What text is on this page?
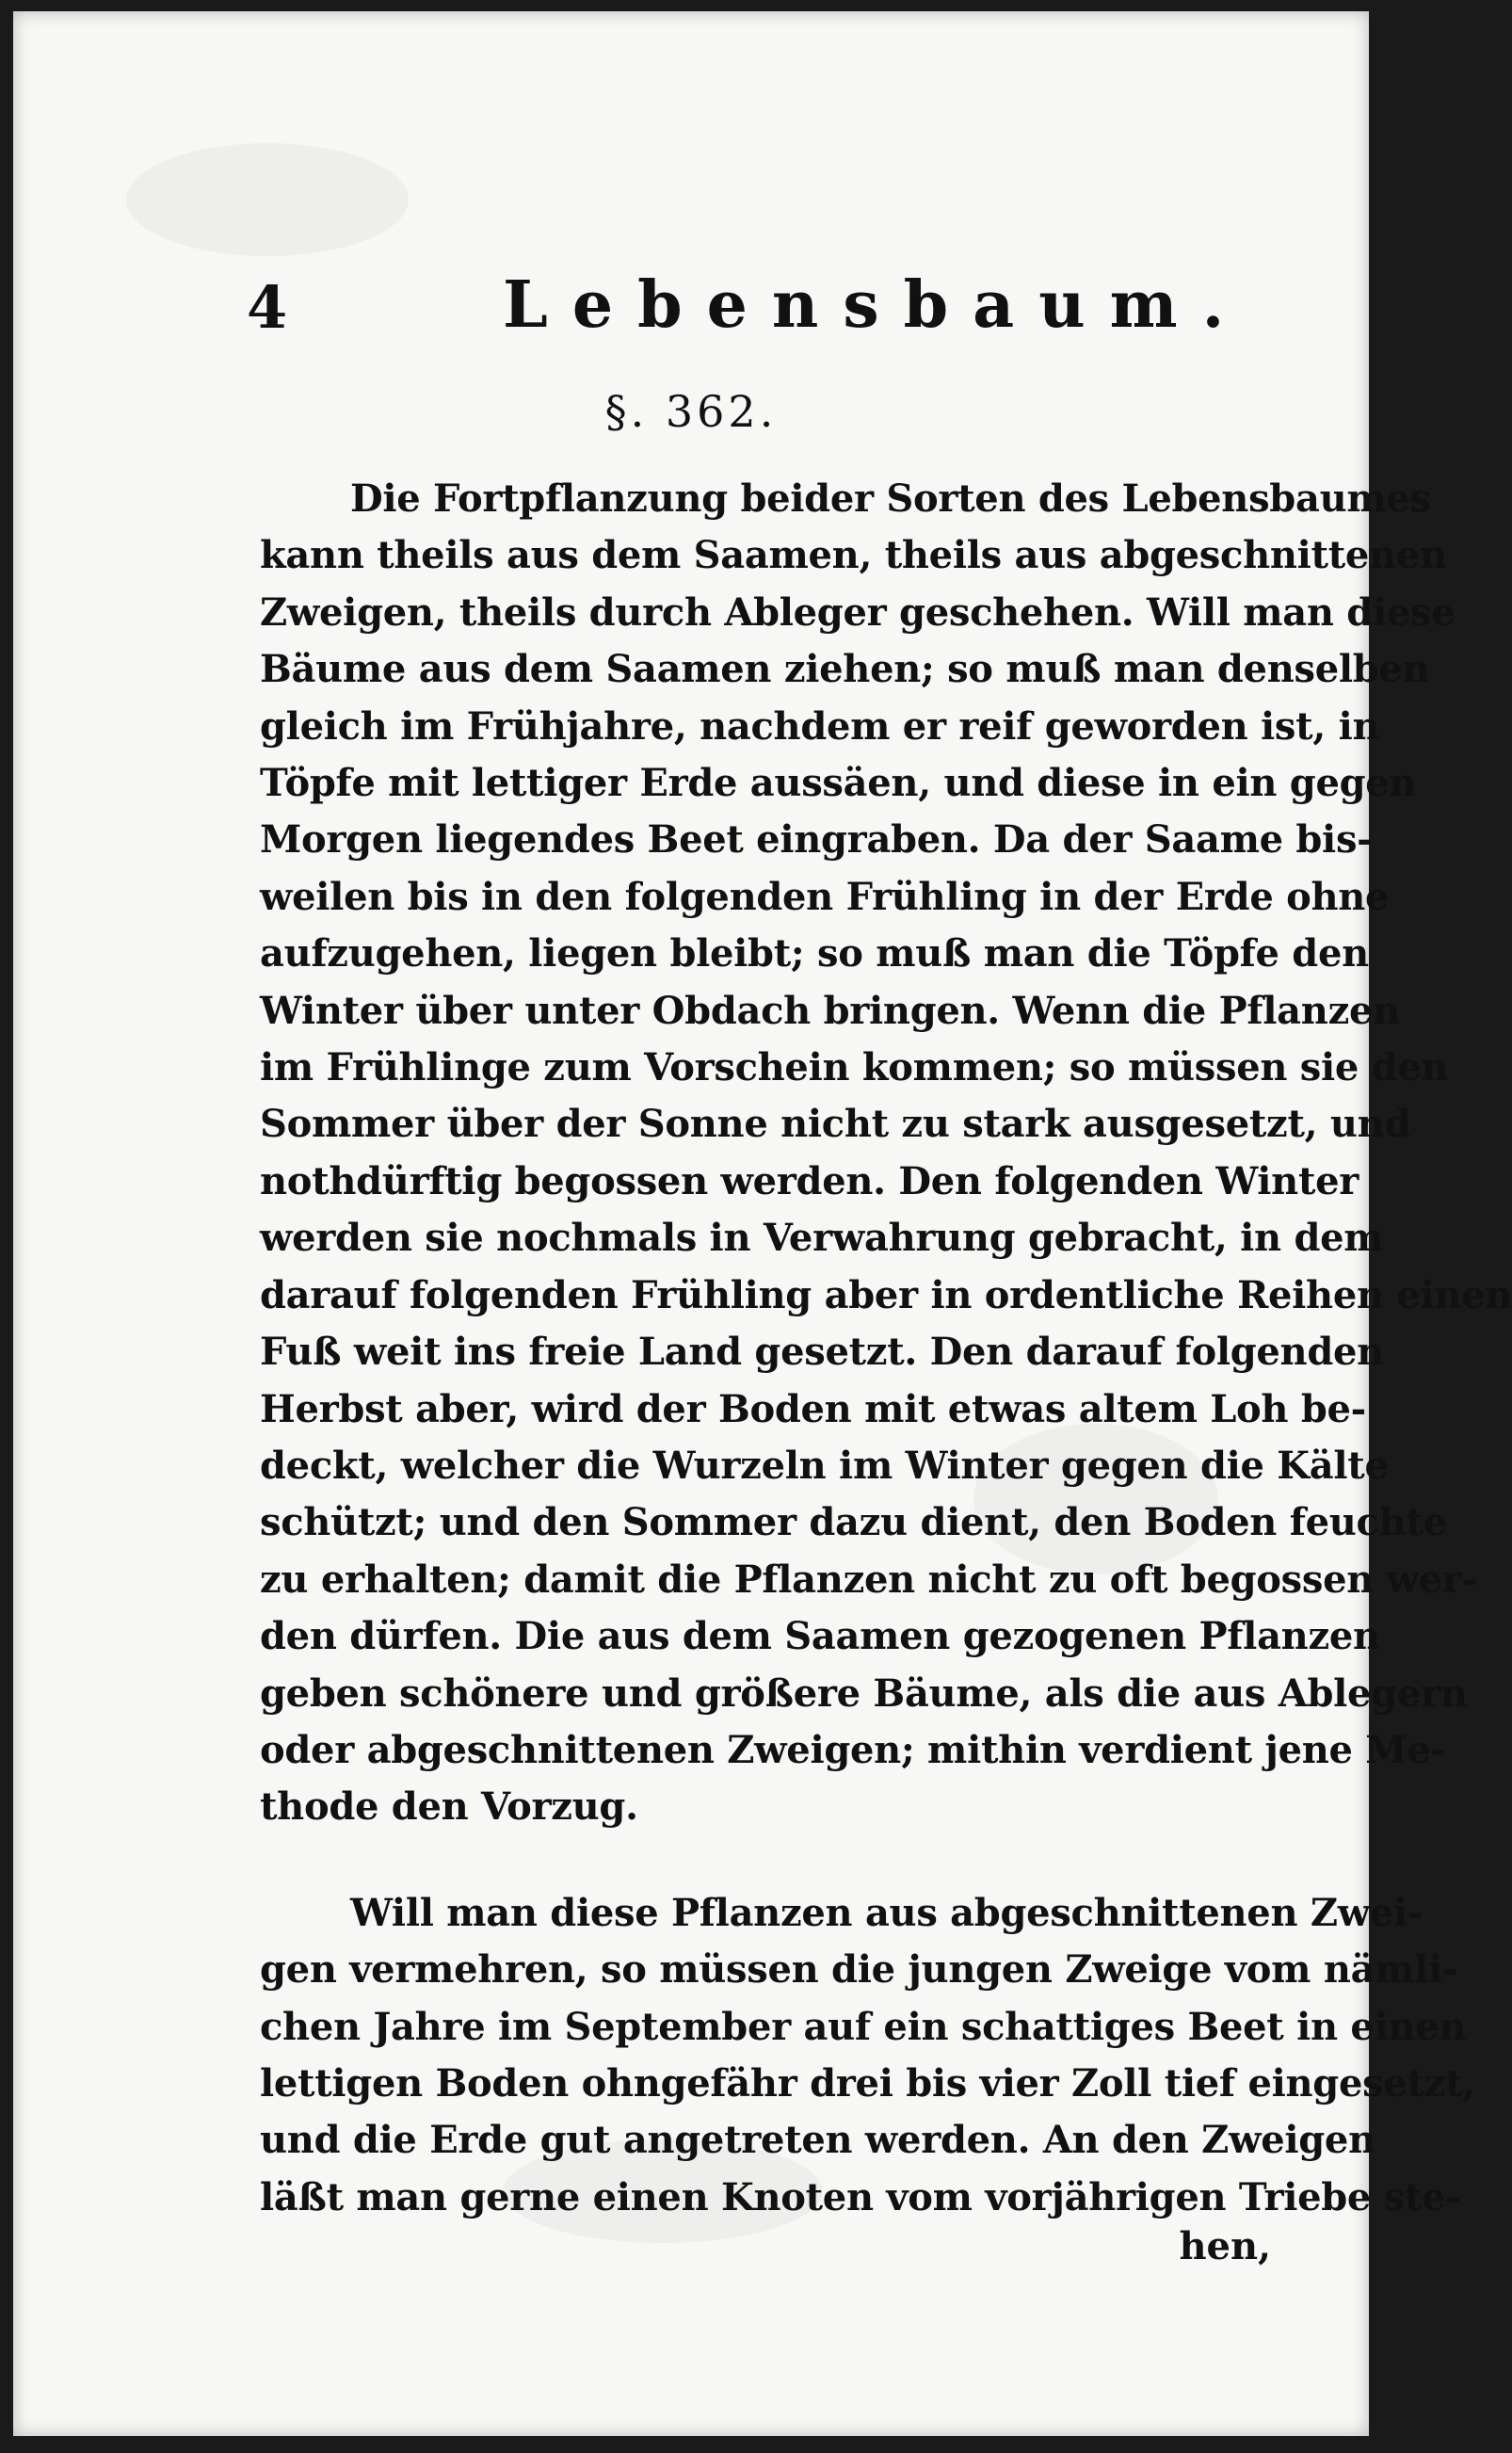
4	Lebensbaum.
§. 362.
Die Fortpflanzung beider Sorten des Lebensbaumes
kann theils aus dem Saamen, theils aus abgeschnittenen
Zweigen, theils durch Ableger geschehen. Will man diese
Bäume aus dem Saamen ziehen; so muß man denselben
gleich im Frühjahre, nachdem er reif geworden ist, in
Töpfe mit lettiger Erde aussäen, und diese in ein gegen
Morgen liegendes Beet eingraben. Da der Saame bis-
weilen bis in den folgenden Frühling in der Erde ohne
aufzugehen, liegen bleibt; so muß man die Töpfe den
Winter über unter Obdach bringen. Wenn die Pflanzen
im Frühlinge zum Vorschein kommen; so müssen sie den
Sommer über der Sonne nicht zu stark ausgesetzt, und
nothdürftig begossen werden. Den folgenden Winter
werden sie nochmals in Verwahrung gebracht, in dem
darauf folgenden Frühling aber in ordentliche Reihen einen
Fuß weit ins freie Land gesetzt. Den darauf folgenden
Herbst aber, wird der Boden mit etwas altem Loh be-
deckt, welcher die Wurzeln im Winter gegen die Kälte
schützt; und den Sommer dazu dient, den Boden feuchte
zu erhalten; damit die Pflanzen nicht zu oft begossen wer-
den dürfen. Die aus dem Saamen gezogenen Pflanzen
geben schönere und größere Bäume, als die aus Ablegern
oder abgeschnittenen Zweigen; mithin verdient jene Me-
thode den Vorzug.
Will man diese Pflanzen aus abgeschnittenen Zwei-
gen vermehren, so müssen die jungen Zweige vom nämli-
chen Jahre im September auf ein schattiges Beet in einen
lettigen Boden ohngefähr drei bis vier Zoll tief eingesetzt,
und die Erde gut angetreten werden. An den Zweigen
läßt man gerne einen Knoten vom vorjährigen Triebe ste-
hen,
